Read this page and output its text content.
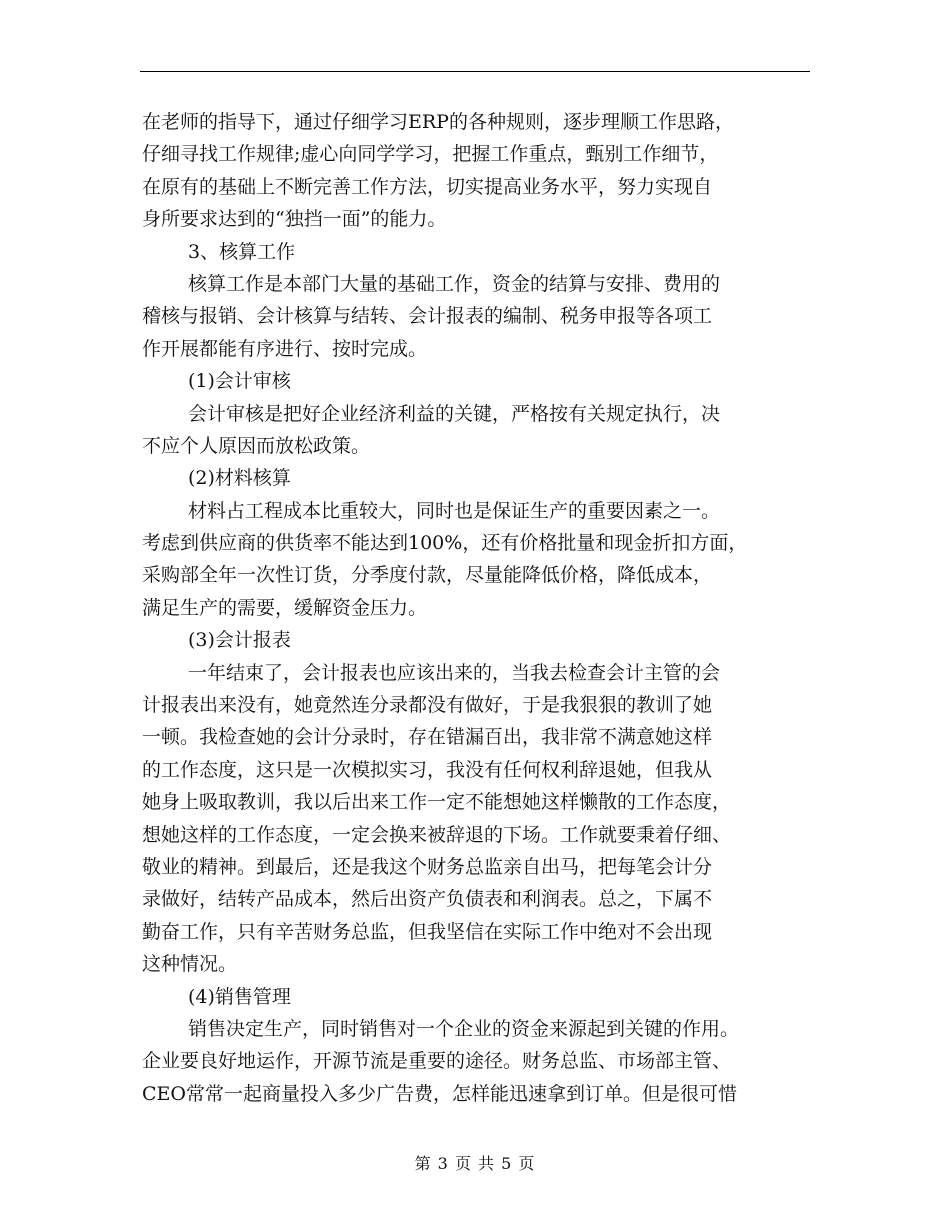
在老师的指导下，通过仔细学习ERP的各种规则，逐步理顺工作思路，
仔细寻找工作规律;虚心向同学学习，把握工作重点，甄别工作细节，
在原有的基础上不断完善工作方法，切实提高业务水平，努力实现自
身所要求达到的“独挡一面”的能力。
3、核算工作
核算工作是本部门大量的基础工作，资金的结算与安排、费用的
稽核与报销、会计核算与结转、会计报表的编制、税务申报等各项工
作开展都能有序进行、按时完成。
(1)会计审核
会计审核是把好企业经济利益的关键，严格按有关规定执行，决
不应个人原因而放松政策。
(2)材料核算
材料占工程成本比重较大，同时也是保证生产的重要因素之一。
考虑到供应商的供货率不能达到100%，还有价格批量和现金折扣方面，
采购部全年一次性订货，分季度付款，尽量能降低价格，降低成本，
满足生产的需要，缓解资金压力。
(3)会计报表
一年结束了，会计报表也应该出来的，当我去检查会计主管的会
计报表出来没有，她竟然连分录都没有做好，于是我狠狠的教训了她
一顿。我检查她的会计分录时，存在错漏百出，我非常不满意她这样
的工作态度，这只是一次模拟实习，我没有任何权利辞退她，但我从
她身上吸取教训，我以后出来工作一定不能想她这样懒散的工作态度，
想她这样的工作态度，一定会换来被辞退的下场。工作就要秉着仔细、
敬业的精神。到最后，还是我这个财务总监亲自出马，把每笔会计分
录做好，结转产品成本，然后出资产负债表和利润表。总之，下属不
勤奋工作，只有辛苦财务总监，但我坚信在实际工作中绝对不会出现
这种情况。
(4)销售管理
销售决定生产，同时销售对一个企业的资金来源起到关键的作用。
企业要良好地运作，开源节流是重要的途径。财务总监、市场部主管、
CEO常常一起商量投入多少广告费，怎样能迅速拿到订单。但是很可惜
第 3 页 共 5 页
